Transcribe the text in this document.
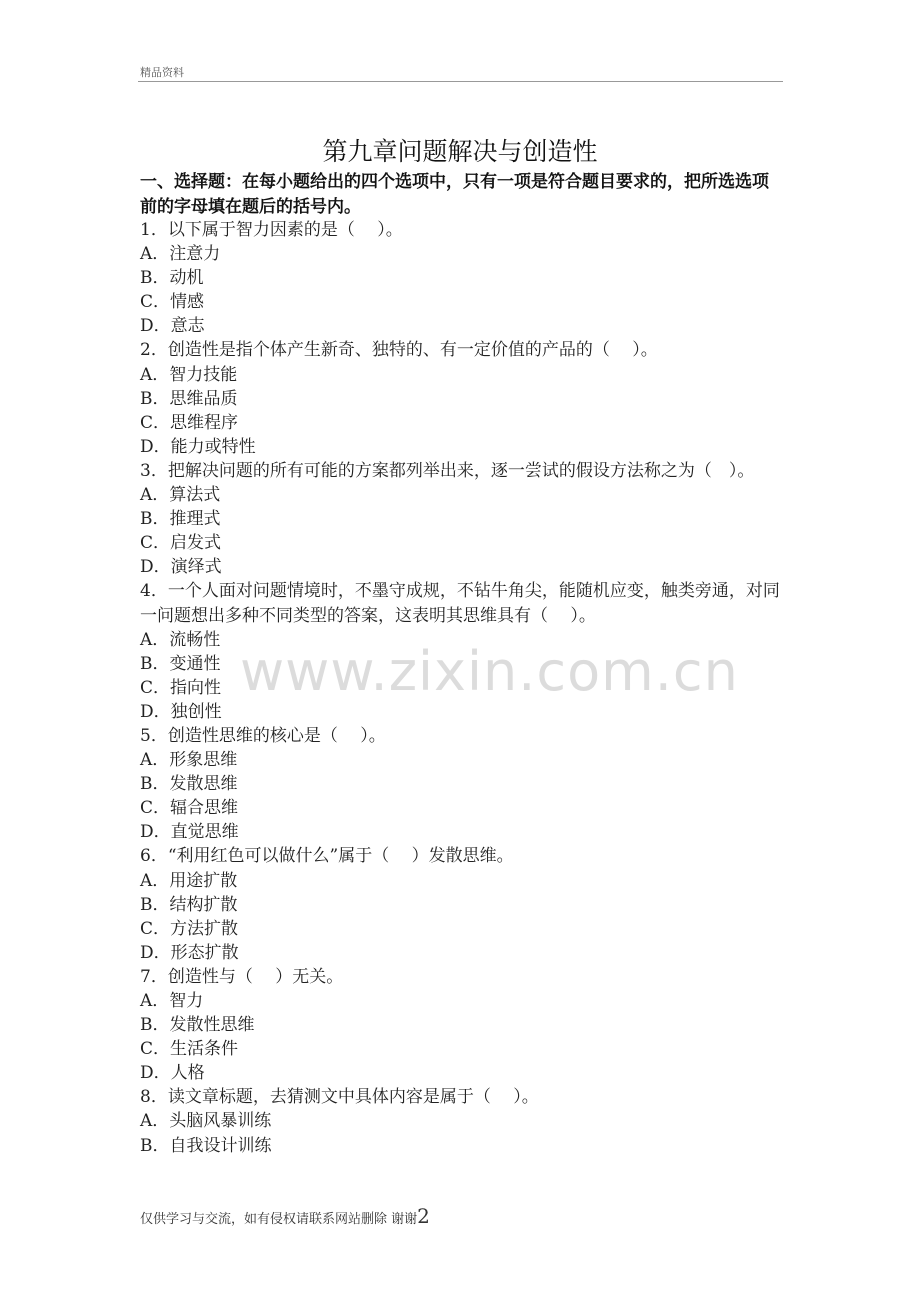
精品资料
第九章问题解决与创造性
一、选择题：在每小题给出的四个选项中，只有一项是符合题目要求的，把所选选项前的字母填在题后的括号内。
1．以下属于智力因素的是（　 ）。
A．注意力
B．动机
C．情感
D．意志
2．创造性是指个体产生新奇、独特的、有一定价值的产品的（　 ）。
A．智力技能
B．思维品质
C．思维程序
D．能力或特性
3．把解决问题的所有可能的方案都列举出来，逐一尝试的假设方法称之为（　）。
A．算法式
B．推理式
C．启发式
D．演绎式
4．一个人面对问题情境时，不墨守成规，不钻牛角尖，能随机应变，触类旁通，对同一问题想出多种不同类型的答案，这表明其思维具有（　 ）。
A．流畅性
B．变通性
C．指向性
D．独创性
5．创造性思维的核心是（　 ）。
A．形象思维
B．发散思维
C．辐合思维
D．直觉思维
6．“利用红色可以做什么”属于（　 ）发散思维。
A．用途扩散
B．结构扩散
C．方法扩散
D．形态扩散
7．创造性与（　 ）无关。
A．智力
B．发散性思维
C．生活条件
D．人格
8．读文章标题，去猜测文中具体内容是属于（　 ）。
A．头脑风暴训练
B．自我设计训练
www.zixin.com.cn
仅供学习与交流，如有侵权请联系网站删除 谢谢2
